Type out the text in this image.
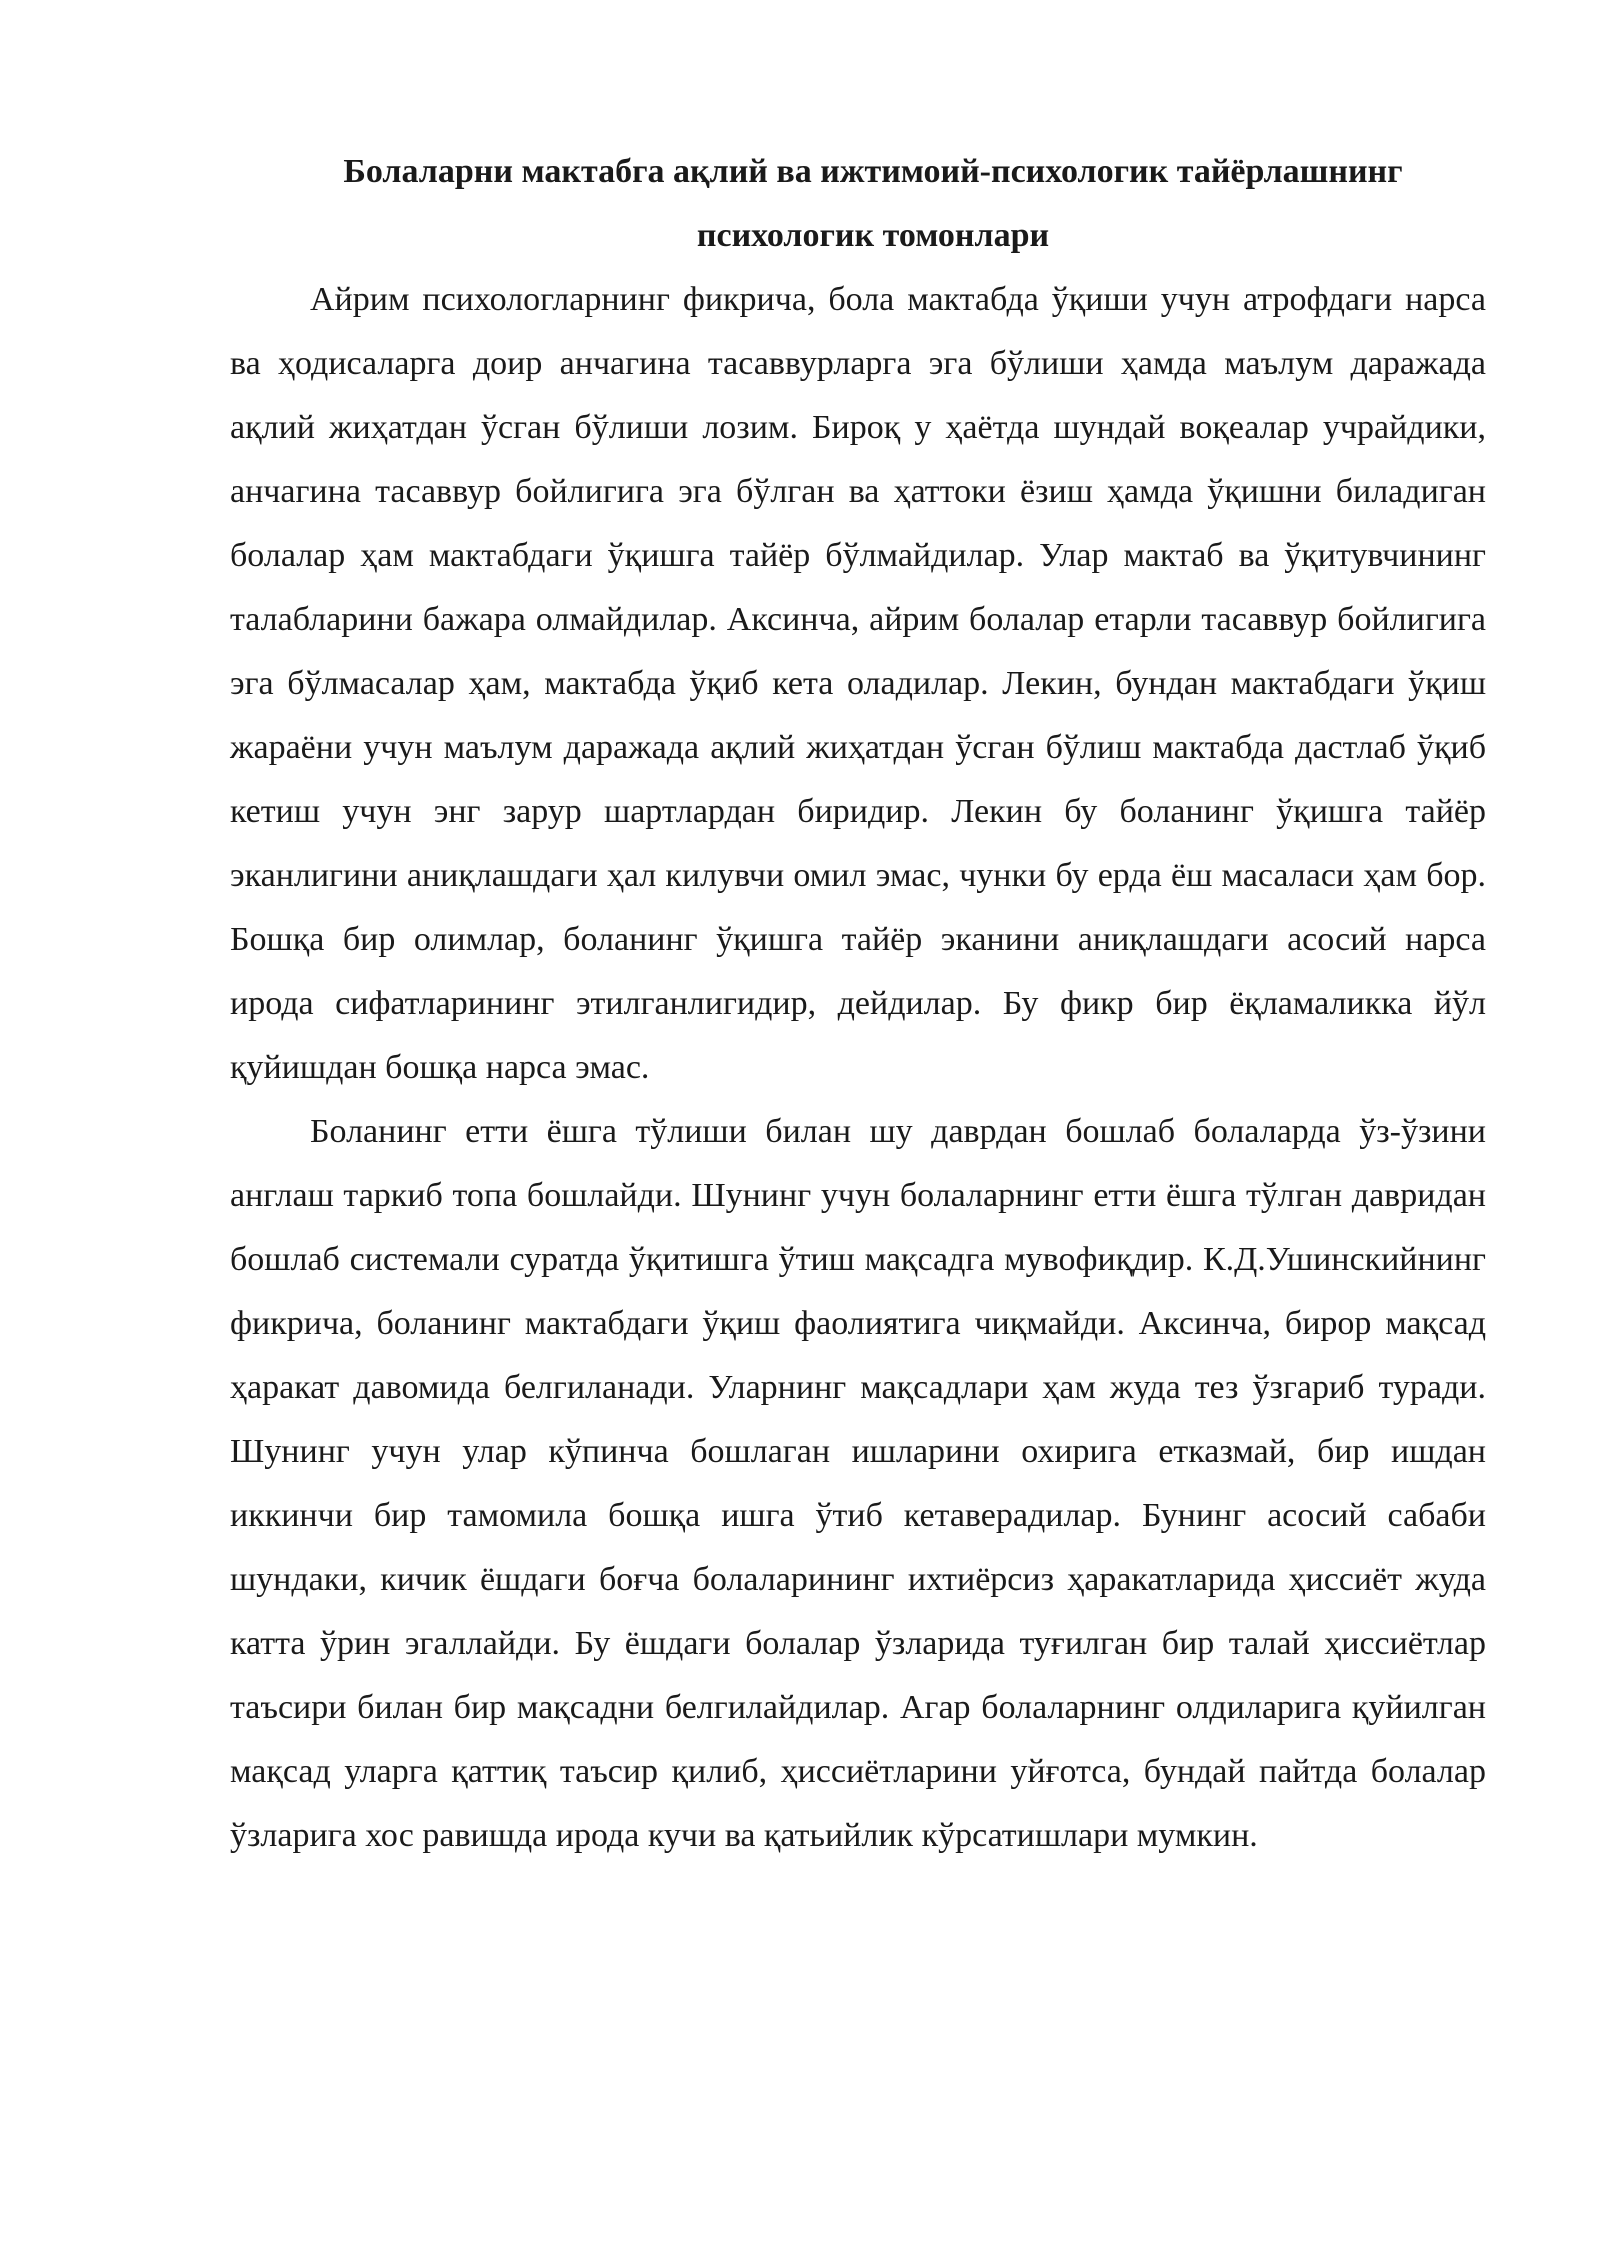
Болаларни мактабга ақлий ва ижтимоий-психологик тайёрлашнинг психологик томонлари

Айрим психологларнинг фикрича, бола мактабда ўқиши учун атрофдаги нарса ва ҳодисаларга доир анчагина тасаввурларга эга бўлиши ҳамда маълум даражада ақлий жиҳатдан ўсган бўлиши лозим. Бироқ у ҳаётда шундай воқеалар учрайдики, анчагина тасаввур бойлигига эга бўлган ва ҳаттоки ёзиш ҳамда ўқишни биладиган болалар ҳам мактабдаги ўқишга тайёр бўлмайдилар. Улар мактаб ва ўқитувчининг талабларини бажара олмайдилар. Аксинча, айрим болалар етарли тасаввур бойлигига эга бўлмасалар ҳам, мактабда ўқиб кета оладилар. Лекин, бундан мактабдаги ўқиш жараёни учун маълум даражада ақлий жиҳатдан ўсган бўлиш мактабда дастлаб ўқиб кетиш учун энг зарур шартлардан биридир. Лекин бу боланинг ўқишга тайёр эканлигини аниқлашдаги ҳал килувчи омил эмас, чунки бу ерда ёш масаласи ҳам бор. Бошқа бир олимлар, боланинг ўқишга тайёр эканини аниқлашдаги асосий нарса ирода сифатларининг этилганлигидир, дейдилар. Бу фикр бир ёқламаликка йўл қуйишдан бошқа нарса эмас.

Боланинг етти ёшга тўлиши билан шу даврдан бошлаб болаларда ўз-ўзини англаш таркиб топа бошлайди. Шунинг учун болаларнинг етти ёшга тўлган давридан бошлаб системали суратда ўқитишга ўтиш мақсадга мувофиқдир. К.Д.Ушинскийнинг фикрича, боланинг мактабдаги ўқиш фаолиятига чиқмайди. Аксинча, бирор мақсад ҳаракат давомида белгиланади. Уларнинг мақсадлари ҳам жуда тез ўзгариб туради. Шунинг учун улар кўпинча бошлаган ишларини охирига етказмай, бир ишдан иккинчи бир тамомила бошқа ишга ўтиб кетаверадилар. Бунинг асосий сабаби шундаки, кичик ёшдаги боғча болаларининг ихтиёрсиз ҳаракатларида ҳиссиёт жуда катта ўрин эгаллайди. Бу ёшдаги болалар ўзларида туғилган бир талай ҳиссиётлар таъсири билан бир мақсадни белгилайдилар. Агар болаларнинг олдиларига қуйилган мақсад уларга қаттиқ таъсир қилиб, ҳиссиётларини уйғотса, бундай пайтда болалар ўзларига хос равишда ирода кучи ва қатьийлик кўрсатишлари мумкин.
